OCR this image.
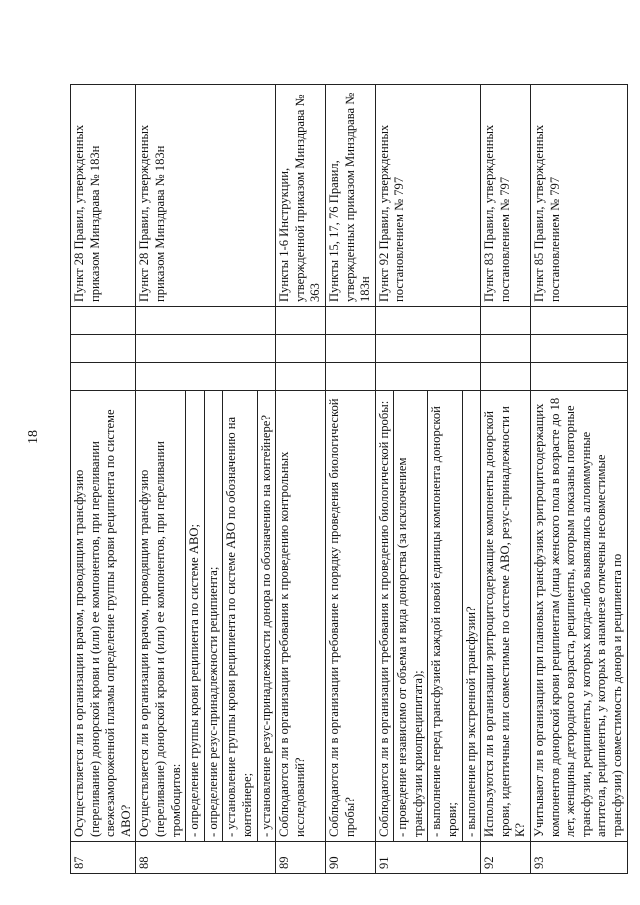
18
87	Осуществляется ли в организации врачом, проводящим трансфузию (переливание) донорской крови и (или) ее компонентов, при переливании свежезамороженной плазмы определение группы крови реципиента по системе АВО?				Пункт 28 Правил, утвержденных приказом Минздрава № 183н
88	Осуществляется ли в организации врачом, проводящим трансфузию (переливание) донорской крови и (или) ее компонентов, при переливании тромбоцитов:				Пункт 28 Правил, утвержденных приказом Минздрава № 183н
	- определение группы крови реципиента по системе АВО;				
	- определение резус-принадлежности реципиента;				
	- установление группы крови реципиента по системе АВО по обозначению на контейнере;				
	- установление резус-принадлежности донора по обозначению на контейнере?				
89	Соблюдаются ли в организации требования к проведению контрольных исследований?				Пункты 1-6 Инструкции, утвержденной приказом Минздрава № 363
90	Соблюдаются ли в организации требование к порядку проведения биологической пробы?				Пункты 15, 17, 76 Правил, утвержденных приказом Минздрава № 183н
91	Соблюдаются ли в организации требования к проведению биологической пробы:				Пункт 92 Правил, утвержденных постановлением № 797
	- проведение независимо от объема и вида донорства (за исключением трансфузии криопреципитата);				
	- выполнение перед трансфузией каждой новой единицы компонента донорской крови;				
	- выполнение при экстренной трансфузии?				
92	Используются ли в организации эритроцитсодержащие компоненты донорской крови, идентичные или совместимые по системе АВО, резус-принадлежности и К?				Пункт 83 Правил, утвержденных постановлением № 797
93	Учитывают ли в организации при плановых трансфузиях эритроцитсодержащих компонентов донорской крови реципиентам (лица женского пола в возрасте до 18 лет, женщины детородного возраста, реципиенты, которым показаны повторные трансфузии, реципиенты, у которых когда-либо выявлялись аллоиммунные антитела, реципиенты, у которых в анамнезе отмечены несовместимые трансфузии) совместимость донора и реципиента по				Пункт 85 Правил, утвержденных постановлением № 797
